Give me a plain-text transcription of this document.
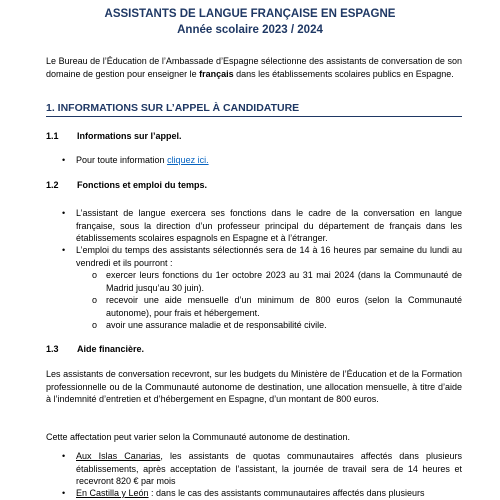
ASSISTANTS DE LANGUE FRANÇAISE EN ESPAGNE
Année scolaire 2023 / 2024
Le Bureau de l’Éducation de l’Ambassade d’Espagne sélectionne des assistants de conversation de son domaine de gestion pour enseigner le français dans les établissements scolaires publics en Espagne.
1. INFORMATIONS SUR L’APPEL À CANDIDATURE
1.1 Informations sur l’appel.
• Pour toute information cliquez ici.
1.2 Fonctions et emploi du temps.
• L’assistant de langue exercera ses fonctions dans le cadre de la conversation en langue française, sous la direction d’un professeur principal du département de français dans les établissements scolaires espagnols en Espagne et à l’étranger.
• L’emploi du temps des assistants sélectionnés sera de 14 à 16 heures par semaine du lundi au vendredi et ils pourront :
o exercer leurs fonctions du 1er octobre 2023 au 31 mai 2024 (dans la Communauté de Madrid jusqu’au 30 juin).
o recevoir une aide mensuelle d’un minimum de 800 euros (selon la Communauté autonome), pour frais et hébergement.
o avoir une assurance maladie et de responsabilité civile.
1.3 Aide financière.
Les assistants de conversation recevront, sur les budgets du Ministère de l’Éducation et de la Formation professionnelle ou de la Communauté autonome de destination, une allocation mensuelle, à titre d’aide à l’indemnité d’entretien et d’hébergement en Espagne, d’un montant de 800 euros.
Cette affectation peut varier selon la Communauté autonome de destination.
• Aux Islas Canarias, les assistants de quotas communautaires affectés dans plusieurs établissements, après acceptation de l’assistant, la journée de travail sera de 14 heures et recevront 820 € par mois
• En Castilla y León : dans le cas des assistants communautaires affectés dans plusieurs
